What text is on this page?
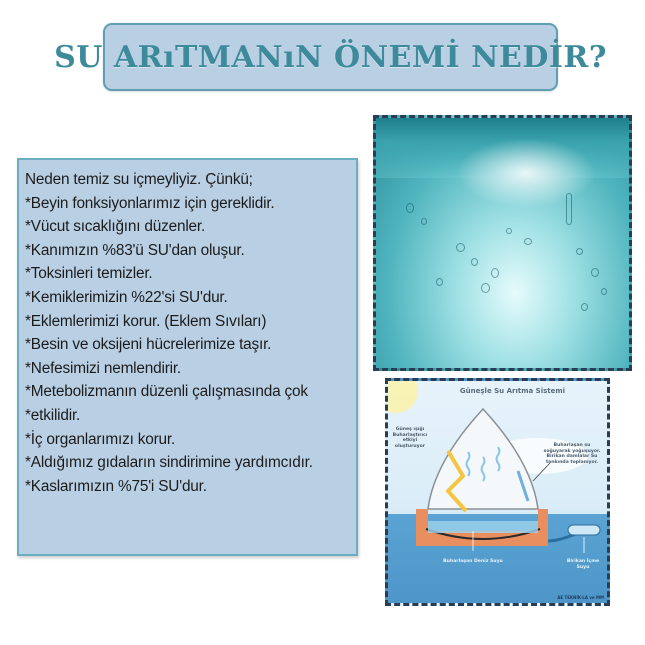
SU ARıTMANıN ÖNEMİ NEDİR?
Neden temiz su içmeyliyiz. Çünkü;
*Beyin fonksiyonlarımız için gereklidir.
*Vücut sıcaklığını düzenler.
*Kanımızın %83'ü SU'dan oluşur.
*Toksinleri temizler.
*Kemiklerimizin %22'si SU'dur.
*Eklemlerimizi korur. (Eklem Sıvıları)
*Besin ve oksijeni hücrelerimize taşır.
*Nefesimizi nemlendirir.
*Metebolizmanın düzenli çalışmasında çok
*etkilidir.
*İç organlarımızı korur.
*Aldığımız gıdaların sindirimine yardımcıdır.
*Kaslarımızın %75'i SU'dur.
Güneşle Su Arıtma Sistemi
Güneş ışığı Buharlaştırıcı etkiyi oluşturuyor	Buharlaşan su soğuyarak yoğuşuyor. Birikan damlalar Su tankında toplanıyor.
Buharlaşan Deniz Suyu	Birikan İçme Suyu
AE TEKNİK-LA ve MM
